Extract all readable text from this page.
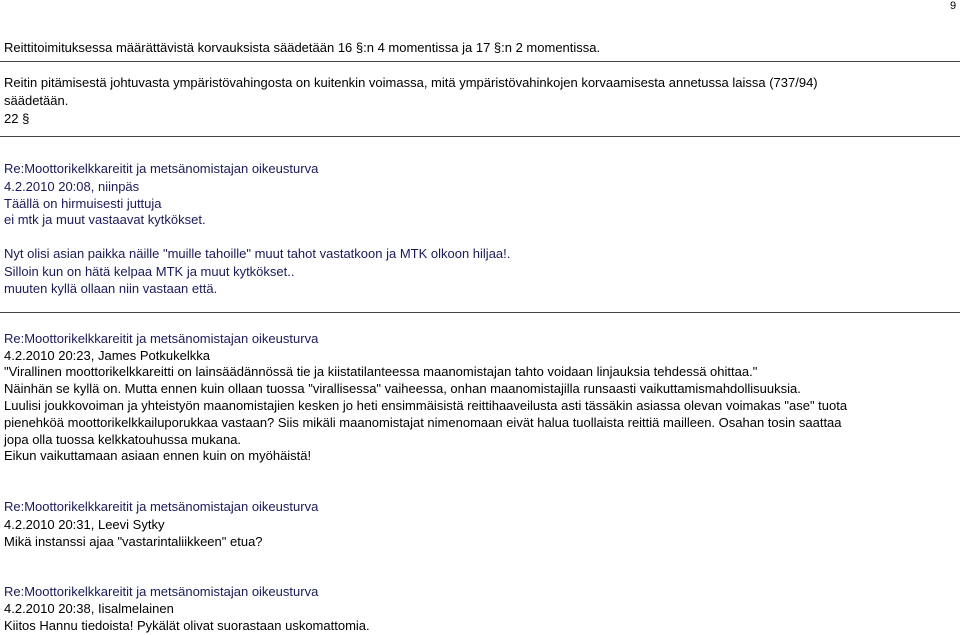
9
Reittitoimituksessa määrättävistä korvauksista säädetään 16 §:n 4 momentissa ja 17 §:n 2 momentissa.
Reitin pitämisestä johtuvasta ympäristövahingosta on kuitenkin voimassa, mitä ympäristövahinkojen korvaamisesta annetussa laissa (737/94)
säädetään.
22 §
Re:Moottorikelkkareitit ja metsänomistajan oikeusturva
4.2.2010 20:08, niinpäs
Täällä on hirmuisesti juttuja
ei mtk ja muut vastaavat kytkökset.
Nyt olisi asian paikka näille "muille tahoille" muut tahot vastatkoon ja MTK olkoon hiljaa!.
Silloin kun on hätä kelpaa MTK ja muut kytkökset..
muuten kyllä ollaan niin vastaan että.
Re:Moottorikelkkareitit ja metsänomistajan oikeusturva
4.2.2010 20:23, James Potkukelkka
"Virallinen moottorikelkkareitti on lainsäädännössä tie ja kiistatilanteessa maanomistajan tahto voidaan linjauksia tehdessä ohittaa."
Näinhän se kyllä on. Mutta ennen kuin ollaan tuossa "virallisessa" vaiheessa, onhan maanomistajilla runsaasti vaikuttamismahdollisuuksia.
Luulisi joukkovoiman ja yhteistyön maanomistajien kesken jo heti ensimmäisistä reittihaaveilusta asti tässäkin asiassa olevan voimakas "ase" tuota
pienehköä moottorikelkkailuporukkaa vastaan? Siis mikäli maanomistajat nimenomaan eivät halua tuollaista reittiä mailleen. Osahan tosin saattaa
jopa olla tuossa kelkkatouhussa mukana.
Eikun vaikuttamaan asiaan ennen kuin on myöhäistä!
Re:Moottorikelkkareitit ja metsänomistajan oikeusturva
4.2.2010 20:31, Leevi Sytky
Mikä instanssi ajaa "vastarintaliikkeen" etua?
Re:Moottorikelkkareitit ja metsänomistajan oikeusturva
4.2.2010 20:38, Iisalmelainen
Kiitos Hannu tiedoista! Pykälät olivat suorastaan uskomattomia.
